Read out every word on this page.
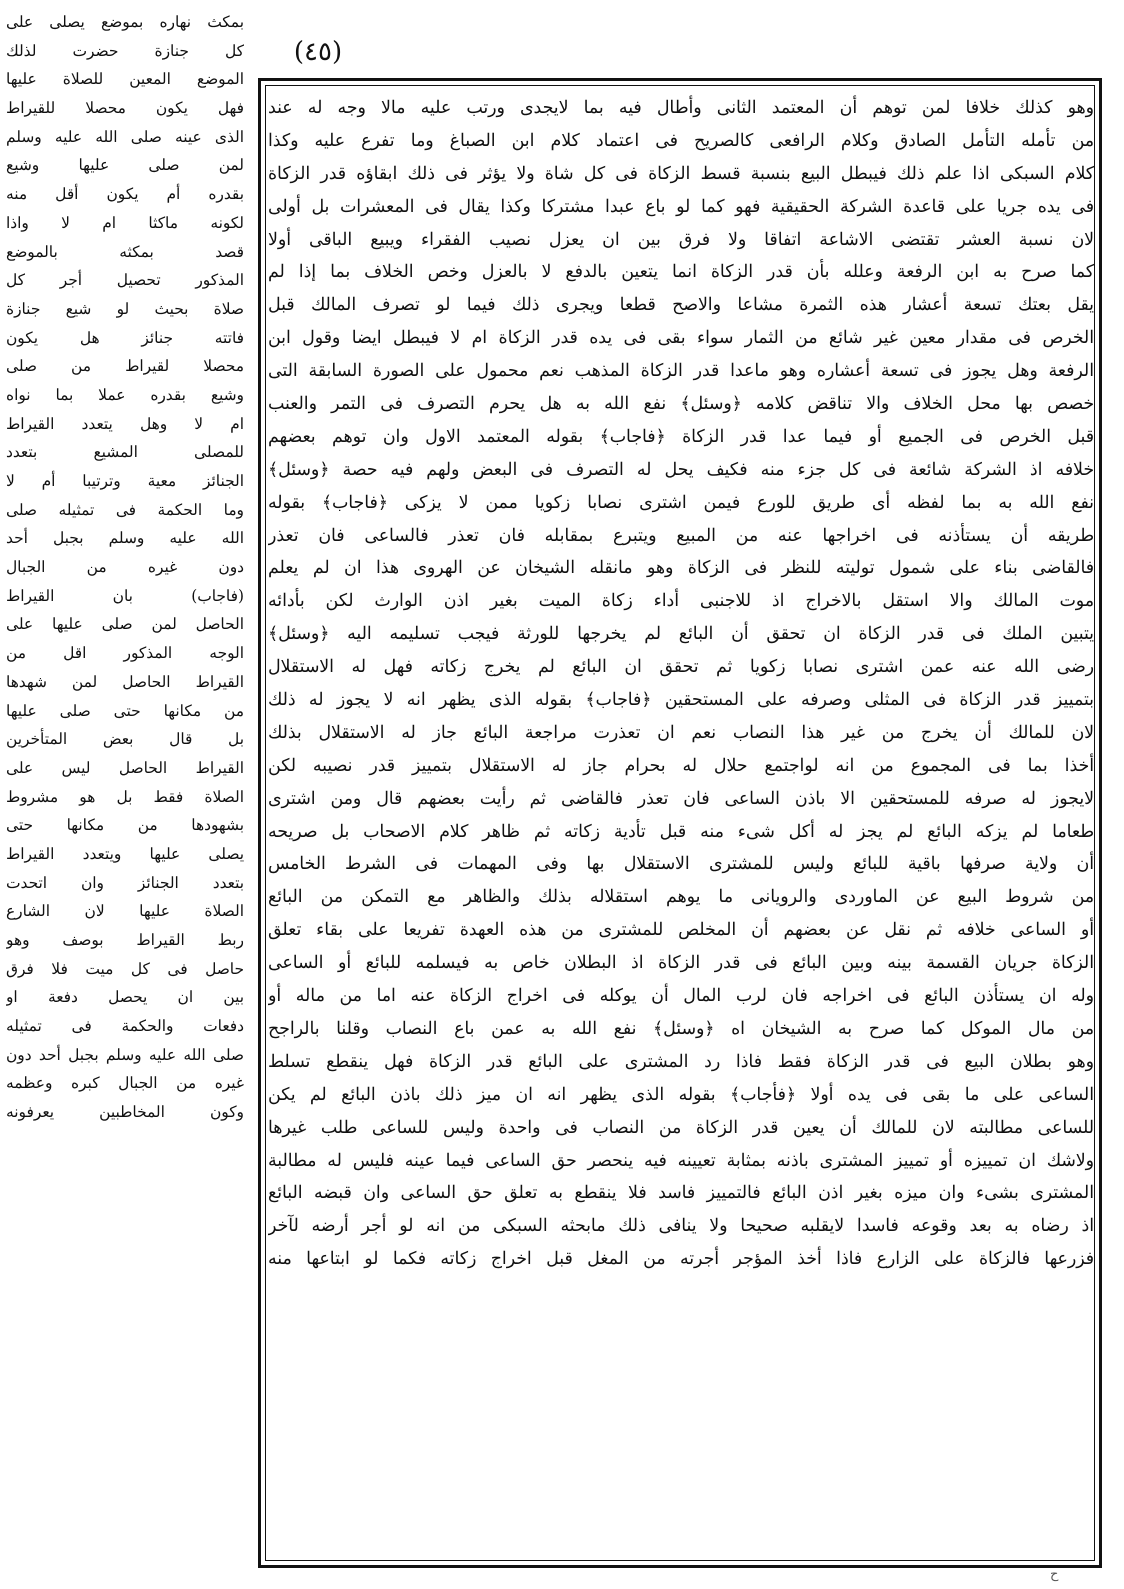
(٤٥)
وهو كذلك خلافا لمن توهم أن المعتمد الثانى وأطال فيه بما لايجدى ورتب عليه مالا وجه له عند
من تأمله التأمل الصادق وكلام الرافعى كالصريح فى اعتماد كلام ابن الصباغ وما تفرع عليه وكذا
كلام السبكى اذا علم ذلك فيبطل البيع بنسبة قسط الزكاة فى كل شاة ولا يؤثر فى ذلك ابقاؤه قدر الزكاة
فى يده جريا على قاعدة الشركة الحقيقية فهو كما لو باع عبدا مشتركا وكذا يقال فى المعشرات بل أولى
لان نسبة العشر تقتضى الاشاعة اتفاقا ولا فرق بين ان يعزل نصيب الفقراء ويبيع الباقى أولا
كما صرح به ابن الرفعة وعلله بأن قدر الزكاة انما يتعين بالدفع لا بالعزل وخص الخلاف بما إذا لم
يقل بعتك تسعة أعشار هذه الثمرة مشاعا والاصح قطعا ويجرى ذلك فيما لو تصرف المالك قبل
الخرص فى مقدار معين غير شائع من الثمار سواء بقى فى يده قدر الزكاة ام لا فيبطل ايضا وقول ابن
الرفعة وهل يجوز فى تسعة أعشاره وهو ماعدا قدر الزكاة المذهب نعم محمول على الصورة السابقة التى
خصص بها محل الخلاف والا تناقض كلامه ﴿وسئل﴾ نفع الله به هل يحرم التصرف فى التمر والعنب
قبل الخرص فى الجميع أو فيما عدا قدر الزكاة ﴿فاجاب﴾ بقوله المعتمد الاول وان توهم بعضهم
خلافه اذ الشركة شائعة فى كل جزء منه فكيف يحل له التصرف فى البعض ولهم فيه حصة ﴿وسئل﴾
نفع الله به بما لفظه أى طريق للورع فيمن اشترى نصابا زكويا ممن لا يزكى ﴿فاجاب﴾ بقوله
طريقه أن يستأذنه فى اخراجها عنه من المبيع ويتبرع بمقابله فان تعذر فالساعى فان تعذر
فالقاضى بناء على شمول توليته للنظر فى الزكاة وهو مانقله الشيخان عن الهروى هذا ان لم يعلم
موت المالك والا استقل بالاخراج اذ للاجنبى أداء زكاة الميت بغير اذن الوارث لكن بأدائه
يتبين الملك فى قدر الزكاة ان تحقق أن البائع لم يخرجها للورثة فيجب تسليمه اليه ﴿وسئل﴾
رضى الله عنه عمن اشترى نصابا زكويا ثم تحقق ان البائع لم يخرج زكاته فهل له الاستقلال
بتمييز قدر الزكاة فى المثلى وصرفه على المستحقين ﴿فاجاب﴾ بقوله الذى يظهر انه لا يجوز له ذلك
لان للمالك أن يخرج من غير هذا النصاب نعم ان تعذرت مراجعة البائع جاز له الاستقلال بذلك
أخذا بما فى المجموع من انه لواجتمع حلال له بحرام جاز له الاستقلال بتمييز قدر نصيبه لكن
لايجوز له صرفه للمستحقين الا باذن الساعى فان تعذر فالقاضى ثم رأيت بعضهم قال ومن اشترى
طعاما لم يزكه البائع لم يجز له أكل شىء منه قبل تأدية زكاته ثم ظاهر كلام الاصحاب بل صريحه
أن ولاية صرفها باقية للبائع وليس للمشترى الاستقلال بها وفى المهمات فى الشرط الخامس
من شروط البيع عن الماوردى والرويانى ما يوهم استقلاله بذلك والظاهر مع التمكن من البائع
أو الساعى خلافه ثم نقل عن بعضهم أن المخلص للمشترى من هذه العهدة تفريعا على بقاء تعلق
الزكاة جريان القسمة بينه وبين البائع فى قدر الزكاة اذ البطلان خاص به فيسلمه للبائع أو الساعى
وله ان يستأذن البائع فى اخراجه فان لرب المال أن يوكله فى اخراج الزكاة عنه اما من ماله أو
من مال الموكل كما صرح به الشيخان اه ﴿وسئل﴾ نفع الله به عمن باع النصاب وقلنا بالراجح
وهو بطلان البيع فى قدر الزكاة فقط فاذا رد المشترى على البائع قدر الزكاة فهل ينقطع تسلط
الساعى على ما بقى فى يده أولا ﴿فأجاب﴾ بقوله الذى يظهر انه ان ميز ذلك باذن البائع لم يكن
للساعى مطالبته لان للمالك أن يعين قدر الزكاة من النصاب فى واحدة وليس للساعى طلب غيرها
ولاشك ان تمييزه أو تمييز المشترى باذنه بمثابة تعيينه فيه ينحصر حق الساعى فيما عينه فليس له مطالبة
المشترى بشىء وان ميزه بغير اذن البائع فالتمييز فاسد فلا ينقطع به تعلق حق الساعى وان قبضه البائع
اذ رضاه به بعد وقوعه فاسدا لايقلبه صحيحا ولا ينافى ذلك مابحثه السبكى من انه لو أجر أرضه لآخر
فزرعها فالزكاة على الزارع فاذا أخذ المؤجر أجرته من المغل قبل اخراج زكاته فكما لو ابتاعها منه
بمكث نهاره بموضع يصلى على
كل جنازة حضرت لذلك
الموضع المعين للصلاة عليها
فهل يكون محصلا للقيراط
الذى عينه صلى الله عليه وسلم
لمن صلى عليها وشيع
بقدره أم يكون أقل منه
لكونه ماكثا ام لا واذا
قصد بمكثه بالموضع
المذكور تحصيل أجر كل
صلاة بحيث لو شيع جنازة
فاتته جنائز هل يكون
محصلا لقيراط من صلى
وشيع بقدره عملا بما نواه
ام لا وهل يتعدد القيراط
للمصلى المشيع بتعدد
الجنائز معية وترتيبا أم لا
وما الحكمة فى تمثيله صلى
الله عليه وسلم بجبل أحد
دون غيره من الجبال
(فاجاب) بان القيراط
الحاصل لمن صلى عليها على
الوجه المذكور اقل من
القيراط الحاصل لمن شهدها
من مكانها حتى صلى عليها
بل قال بعض المتأخرين
القيراط الحاصل ليس على
الصلاة فقط بل هو مشروط
بشهودها من مكانها حتى
يصلى عليها ويتعدد القيراط
بتعدد الجنائز وان اتحدت
الصلاة عليها لان الشارع
ربط القيراط بوصف وهو
حاصل فى كل ميت فلا فرق
بين ان يحصل دفعة او
دفعات والحكمة فى تمثيله
صلى الله عليه وسلم بجبل أحد دون
غيره من الجبال كبره وعظمه
وكون المخاطبين يعرفونه
ح
